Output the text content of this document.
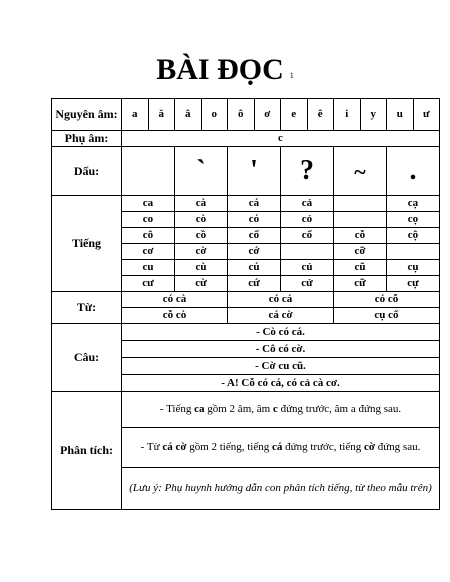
BÀI ĐỌC $^1$
Nguyên âm:	a	ă	â	o	ô	ơ	e	ê	i	y	u	ư
Phụ âm:	c											
Dấu:			`		'		?		~		.	
Tiếng	ca		cà		cá		cả				cạ	
	co		cò		có		cỏ				cọ	
	cô		cồ		cố		cổ		cỗ		cộ	
	cơ		cờ		cớ				cỡ			
	cu		cù		cú		củ		cũ		cụ	
	cư		cừ		cứ		cử		cữ		cự	
Từ:	có cà				có cá				có cỗ			
	cỗ cò				cá cờ				cụ cố			
Câu:	- Cò có cá.											
	- Cô có cờ.											
	- Cờ cu cũ.											
	- A! Cỗ có cá, có cả cà cơ.											
Phân tích:	- Tiếng ca gồm 2 âm, âm c đứng trước, âm a đứng sau.											
	- Từ cá cờ gồm 2 tiếng, tiếng cá đứng trước, tiếng cờ đứng sau.											
	(Lưu ý: Phụ huynh hướng dẫn con phân tích tiếng, từ theo mẫu trên)											
